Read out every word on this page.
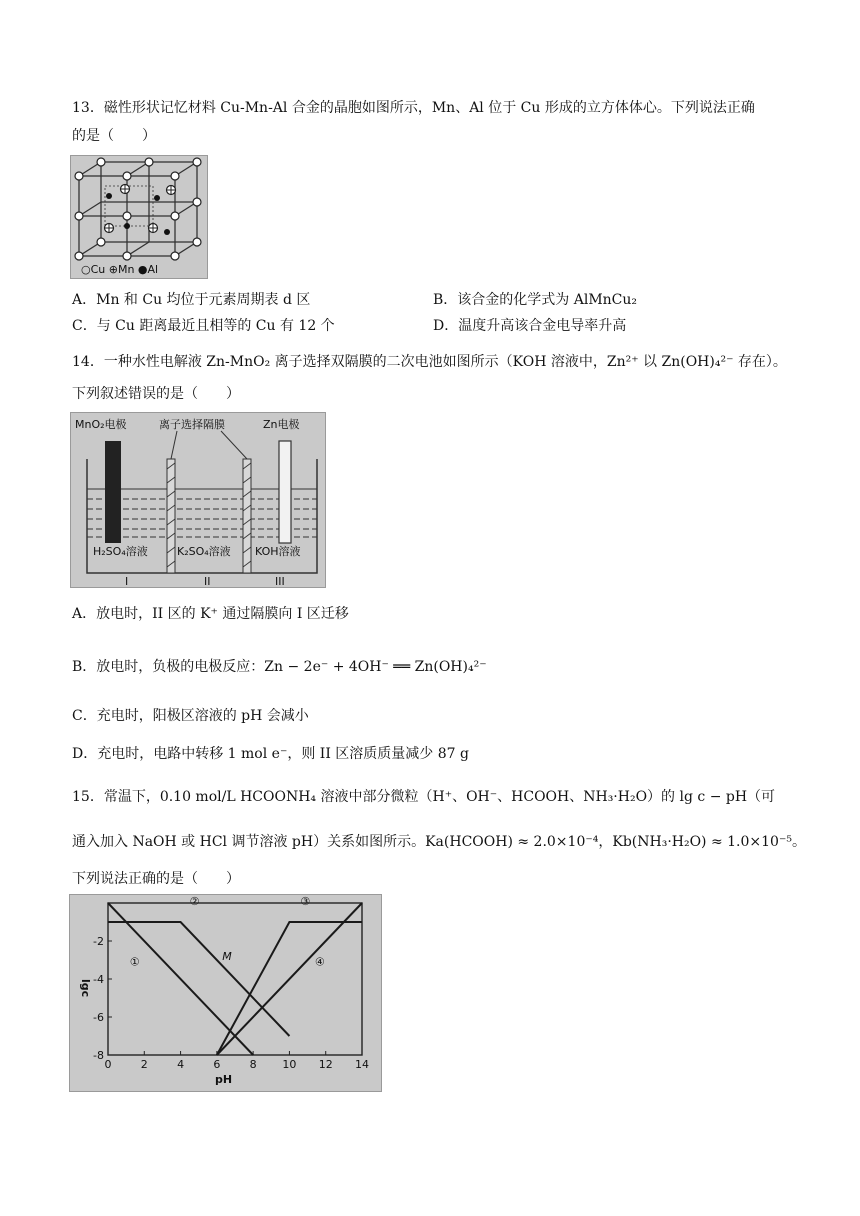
13．磁性形状记忆材料 Cu-Mn-Al 合金的晶胞如图所示，Mn、Al 位于 Cu 形成的立方体体心。下列说法正确
的是（　　）
○Cu ⊕Mn ●Al
A．Mn 和 Cu 均位于元素周期表 d 区	B．该合金的化学式为 AlMnCu₂
C．与 Cu 距离最近且相等的 Cu 有 12 个	D．温度升高该合金电导率升高
14．一种水性电解液 Zn-MnO₂ 离子选择双隔膜的二次电池如图所示（KOH 溶液中，Zn²⁺ 以 Zn(OH)₄²⁻ 存在）。
下列叙述错误的是（　　）
MnO₂电极	离子选择隔膜	Zn电极
H₂SO₄溶液	K₂SO₄溶液 KOH溶液
I	II	III
A．放电时，II 区的 K⁺ 通过隔膜向 I 区迁移
B．放电时，负极的电极反应：Zn − 2e⁻ + 4OH⁻ ══ Zn(OH)₄²⁻
C．充电时，阳极区溶液的 pH 会减小
D．充电时，电路中转移 1 mol e⁻，则 II 区溶质质量减少 87 g
15．常温下，0.10 mol/L HCOONH₄ 溶液中部分微粒（H⁺、OH⁻、HCOOH、NH₃·H₂O）的 lg c − pH（可
通入加入 NaOH 或 HCl 调节溶液 pH）关系如图所示。Ka(HCOOH) ≈ 2.0×10⁻⁴，Kb(NH₃·H₂O) ≈ 1.0×10⁻⁵。
下列说法正确的是（　　）
0	2	4	6	8 10 12 14
-2
-4
-6
-8
pH
lgc
①
②	③
④
M
